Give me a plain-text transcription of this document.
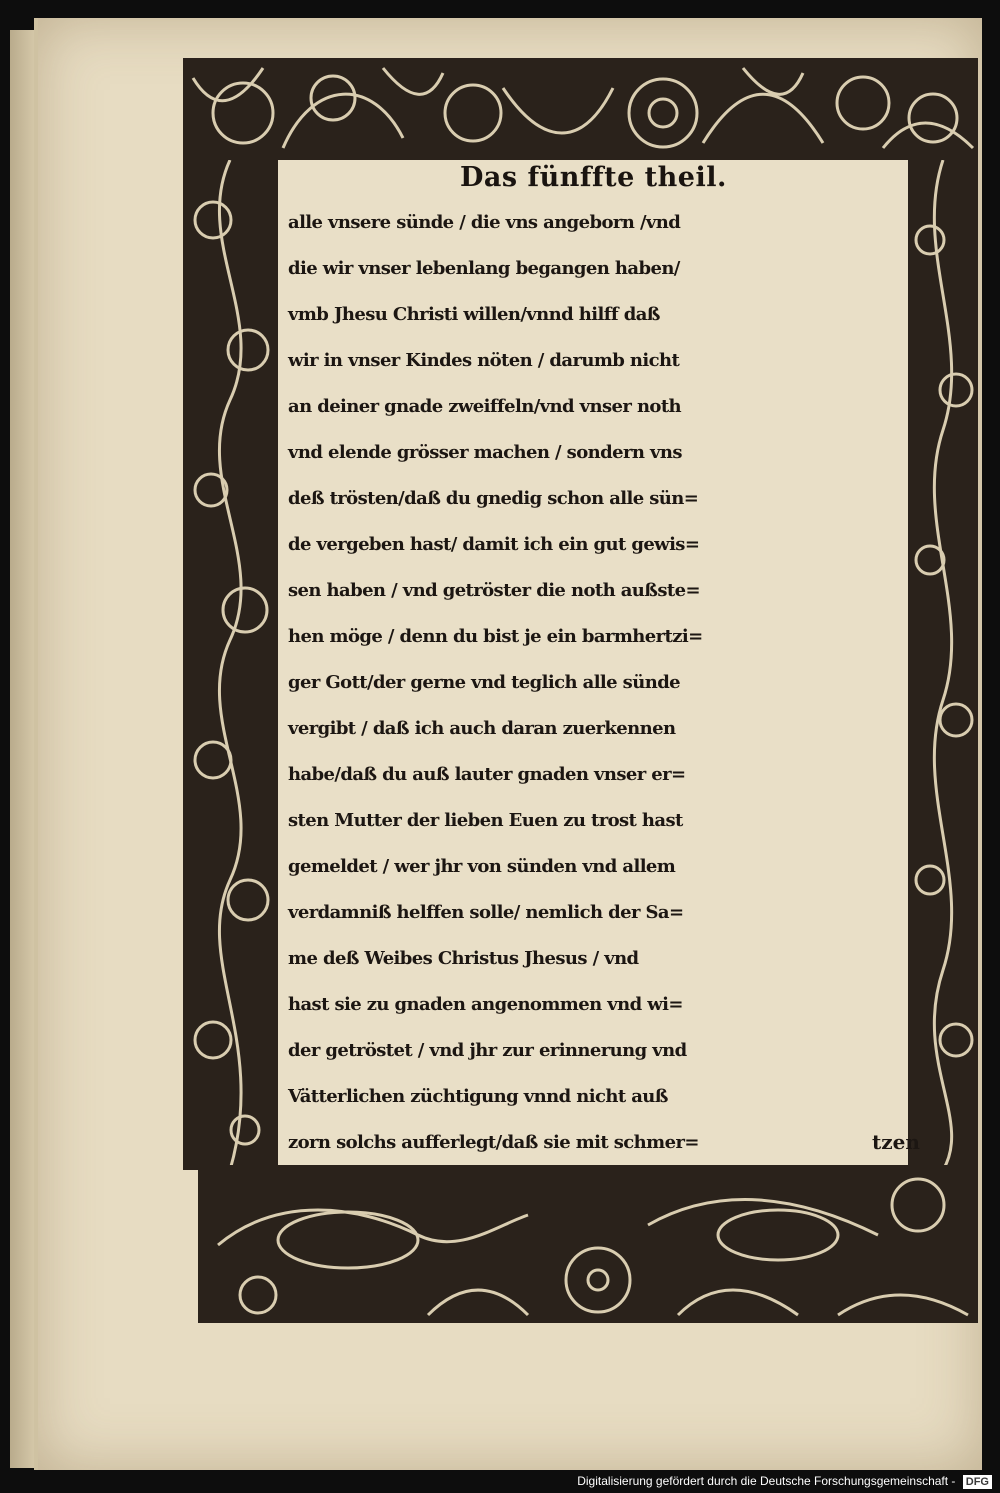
Das fünffte theil.
alle vnsere sünde / die vns angeborn /vnd
die wir vnser lebenlang begangen haben/
vmb Jhesu Christi willen/vnnd hilff daß
wir in vnser Kindes nöten / darumb nicht
an deiner gnade zweiffeln/vnd vnser noth
vnd elende grösser machen / sondern vns
deß trösten/daß du gnedig schon alle sün=
de vergeben hast/ damit ich ein gut gewis=
sen haben / vnd getröster die noth außste=
hen möge / denn du bist je ein barmhertzi=
ger Gott/der gerne vnd teglich alle sünde
vergibt / daß ich auch daran zuerkennen
habe/daß du auß lauter gnaden vnser er=
sten Mutter der lieben Euen zu trost hast
gemeldet / wer jhr von sünden vnd allem
verdamniß helffen solle/ nemlich der Sa=
me deß Weibes Christus Jhesus / vnd
hast sie zu gnaden angenommen vnd wi=
der getröstet / vnd jhr zur erinnerung vnd
Vätterlichen züchtigung vnnd nicht auß
zorn solchs aufferlegt/daß sie mit schmer=	tzen
Digitalisierung gefördert durch die Deutsche Forschungsgemeinschaft - DFG
